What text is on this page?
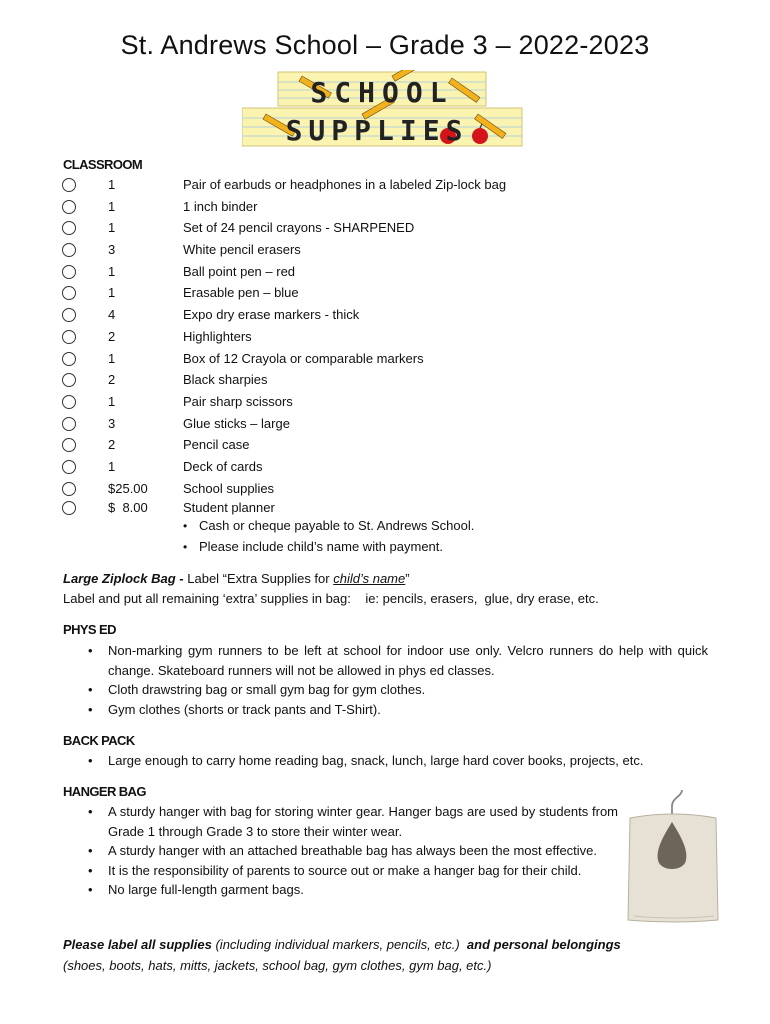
St. Andrews School – Grade 3 – 2022-2023
SCHOOL
SUPPLIES
CLASSROOM
1	Pair of earbuds or headphones in a labeled Zip-lock bag
1	1 inch binder
1	Set of 24 pencil crayons - SHARPENED
3	White pencil erasers
1	Ball point pen – red
1	Erasable pen – blue
4	Expo dry erase markers - thick
2	Highlighters
1	Box of 12 Crayola or comparable markers
2	Black sharpies
1	Pair sharp scissors
3	Glue sticks – large
2	Pencil case
1	Deck of cards
$25.00	School supplies
$  8.00	Student planner
• Cash or cheque payable to St. Andrews School.
• Please include child’s name with payment.
Large Ziplock Bag - Label “Extra Supplies for child’s name”
Label and put all remaining ‘extra’ supplies in bag:    ie: pencils, erasers,  glue, dry erase, etc.
PHYS ED
• Non-marking gym runners to be left at school for indoor use only. Velcro runners do help with quick change. Skateboard runners will not be allowed in phys ed classes.
• Cloth drawstring bag or small gym bag for gym clothes.
• Gym clothes (shorts or track pants and T-Shirt).
BACK PACK
• Large enough to carry home reading bag, snack, lunch, large hard cover books, projects, etc.
HANGER BAG
• A sturdy hanger with bag for storing winter gear. Hanger bags are used by students from Grade 1 through Grade 3 to store their winter wear.
• A sturdy hanger with an attached breathable bag has always been the most effective.
• It is the responsibility of parents to source out or make a hanger bag for their child.
• No large full-length garment bags.
Please label all supplies (including individual markers, pencils, etc.)  and personal belongings
(shoes, boots, hats, mitts, jackets, school bag, gym clothes, gym bag, etc.)
